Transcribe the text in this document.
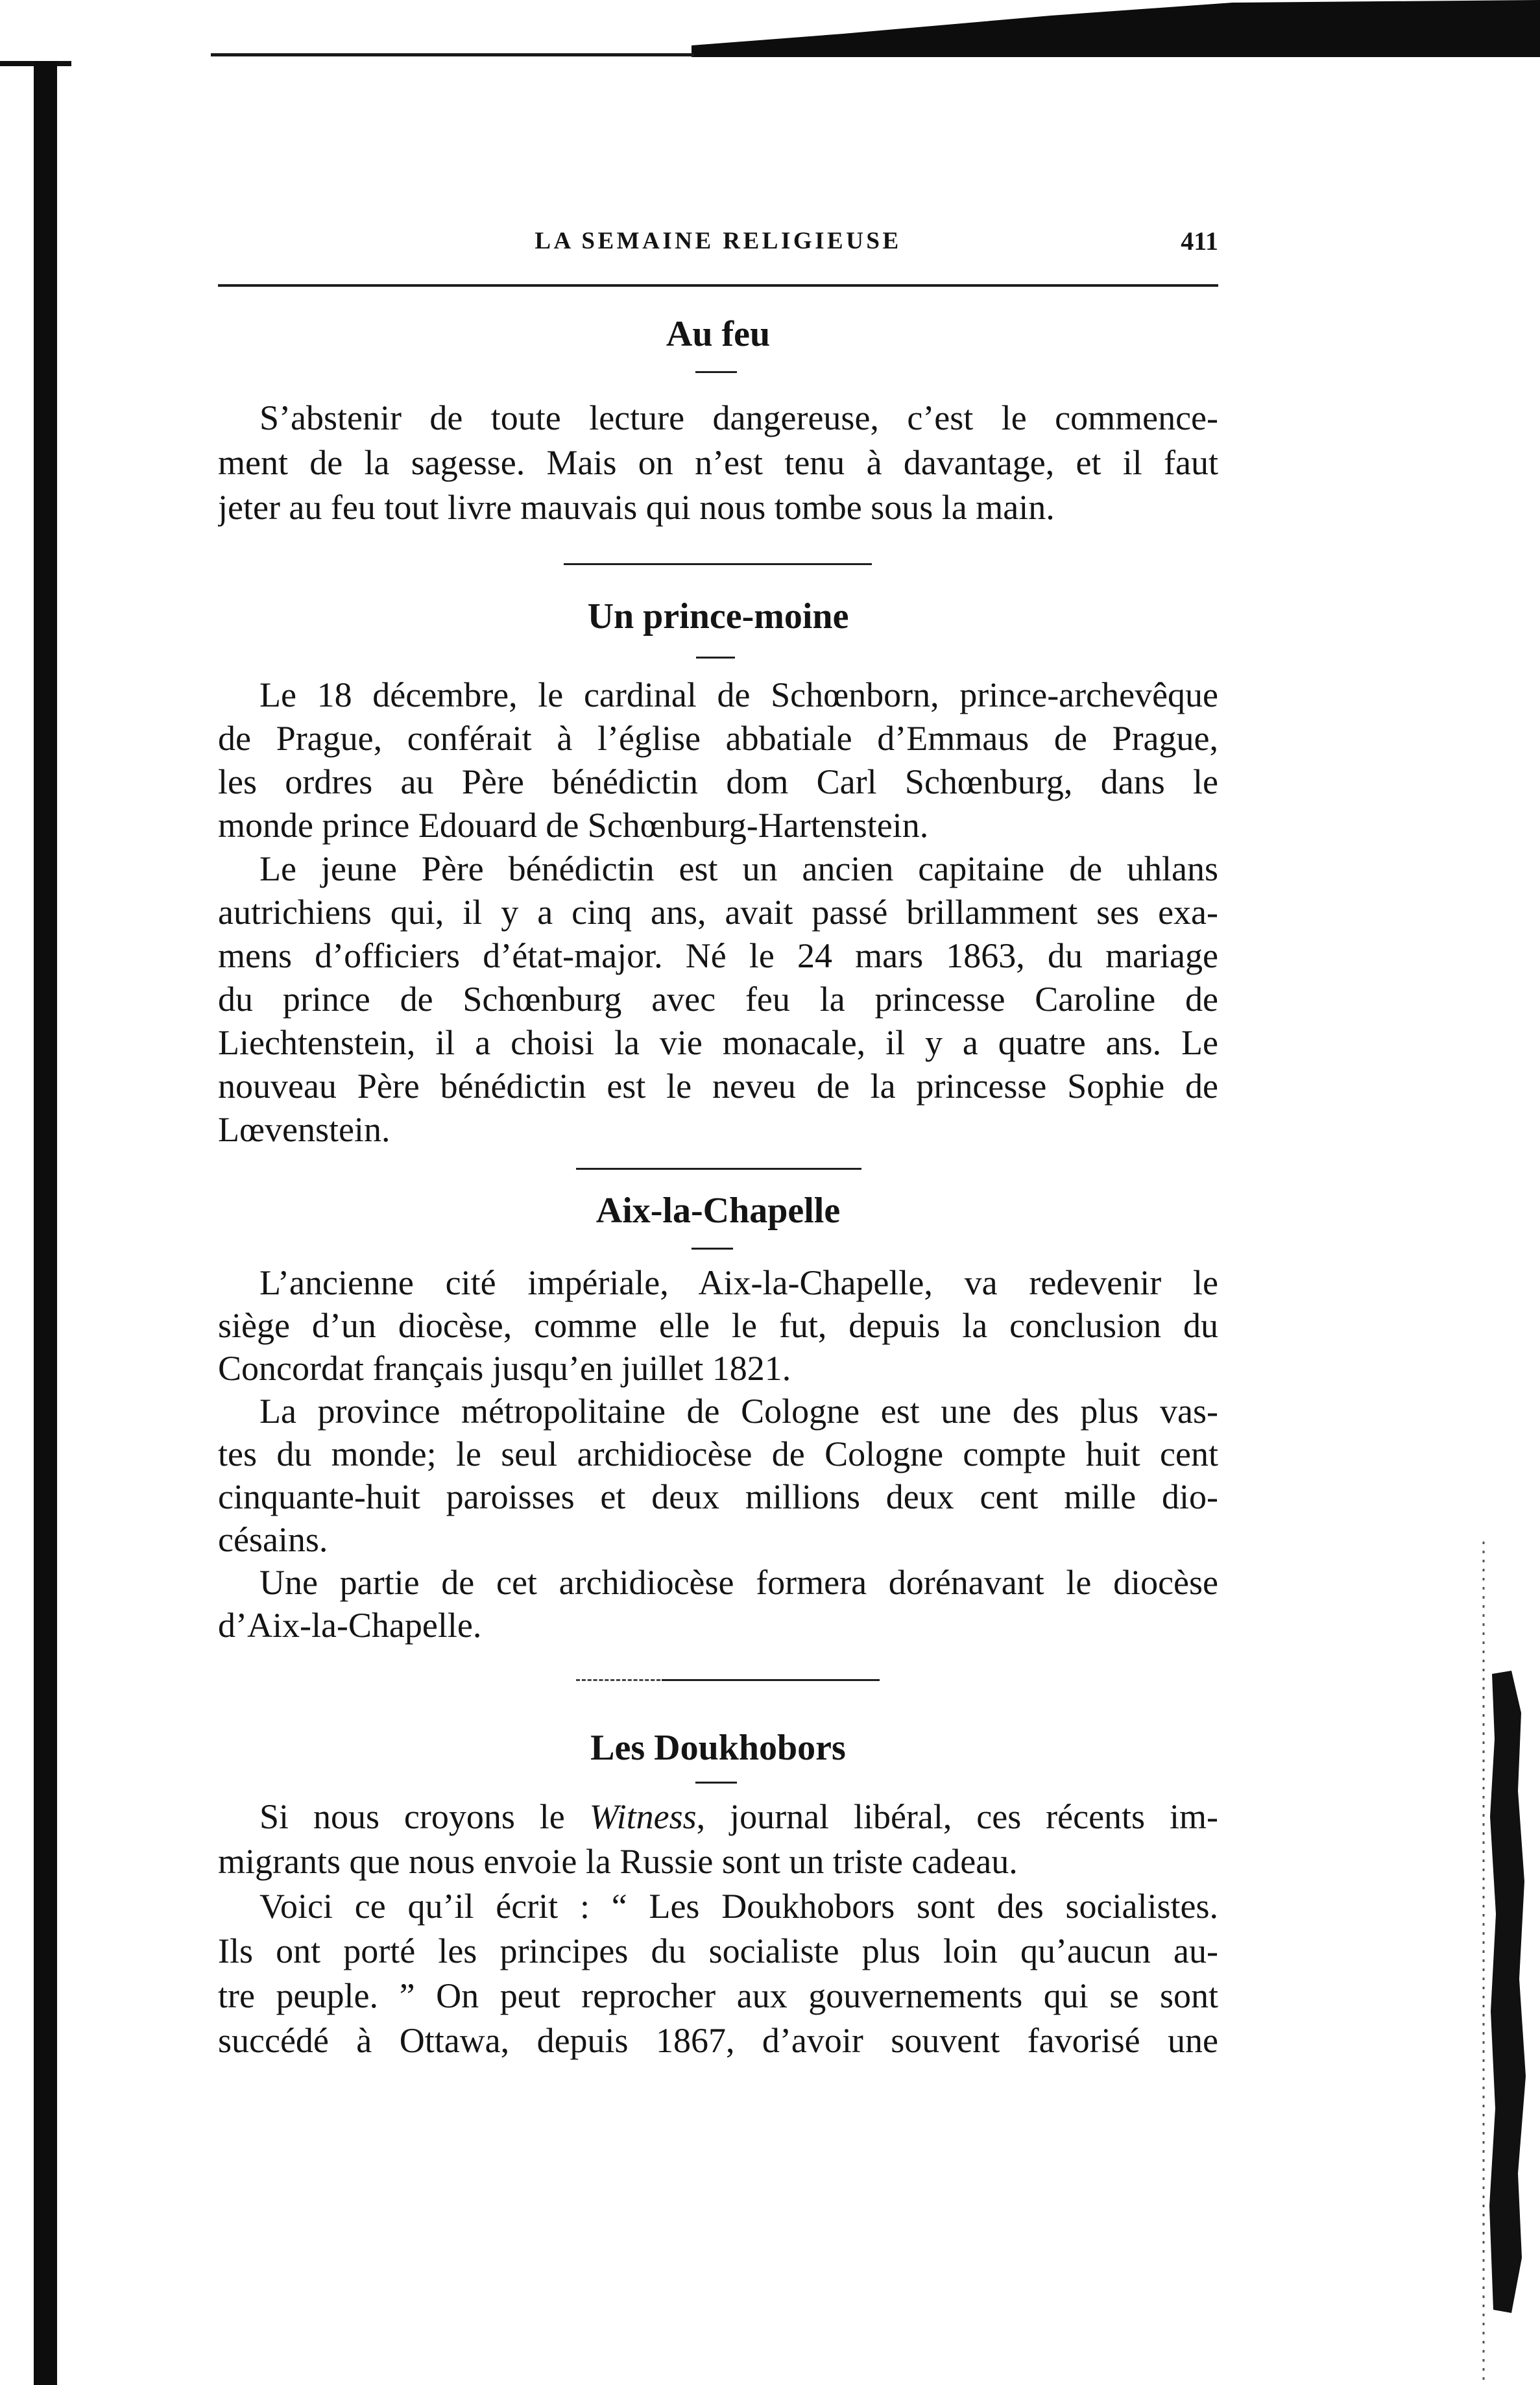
LA SEMAINE RELIGIEUSE	411
Au feu

S’abstenir de toute lecture dangereuse, c’est le commence-
ment de la sagesse. Mais on n’est tenu à davantage, et il faut
jeter au feu tout livre mauvais qui nous tombe sous la main.

Un prince-moine

Le 18 décembre, le cardinal de Schœnborn, prince-archevêque
de Prague, conférait à l’église abbatiale d’Emmaus de Prague,
les ordres au Père bénédictin dom Carl Schœnburg, dans le
monde prince Edouard de Schœnburg-Hartenstein.

Le jeune Père bénédictin est un ancien capitaine de uhlans
autrichiens qui, il y a cinq ans, avait passé brillamment ses exa-
mens d’officiers d’état-major. Né le 24 mars 1863, du mariage
du prince de Schœnburg avec feu la princesse Caroline de
Liechtenstein, il a choisi la vie monacale, il y a quatre ans. Le
nouveau Père bénédictin est le neveu de la princesse Sophie de
Lœvenstein.

Aix-la-Chapelle

L’ancienne cité impériale, Aix-la-Chapelle, va redevenir le
siège d’un diocèse, comme elle le fut, depuis la conclusion du
Concordat français jusqu’en juillet 1821.

La province métropolitaine de Cologne est une des plus vas-
tes du monde; le seul archidiocèse de Cologne compte huit cent
cinquante-huit paroisses et deux millions deux cent mille dio-
césains.

Une partie de cet archidiocèse formera dorénavant le diocèse
d’Aix-la-Chapelle.

Les Doukhobors

Si nous croyons le Witness, journal libéral, ces récents im-
migrants que nous envoie la Russie sont un triste cadeau.

Voici ce qu’il écrit : “ Les Doukhobors sont des socialistes.
Ils ont porté les principes du socialiste plus loin qu’aucun au-
tre peuple. ” On peut reprocher aux gouvernements qui se sont
succédé à Ottawa, depuis 1867, d’avoir souvent favorisé une
